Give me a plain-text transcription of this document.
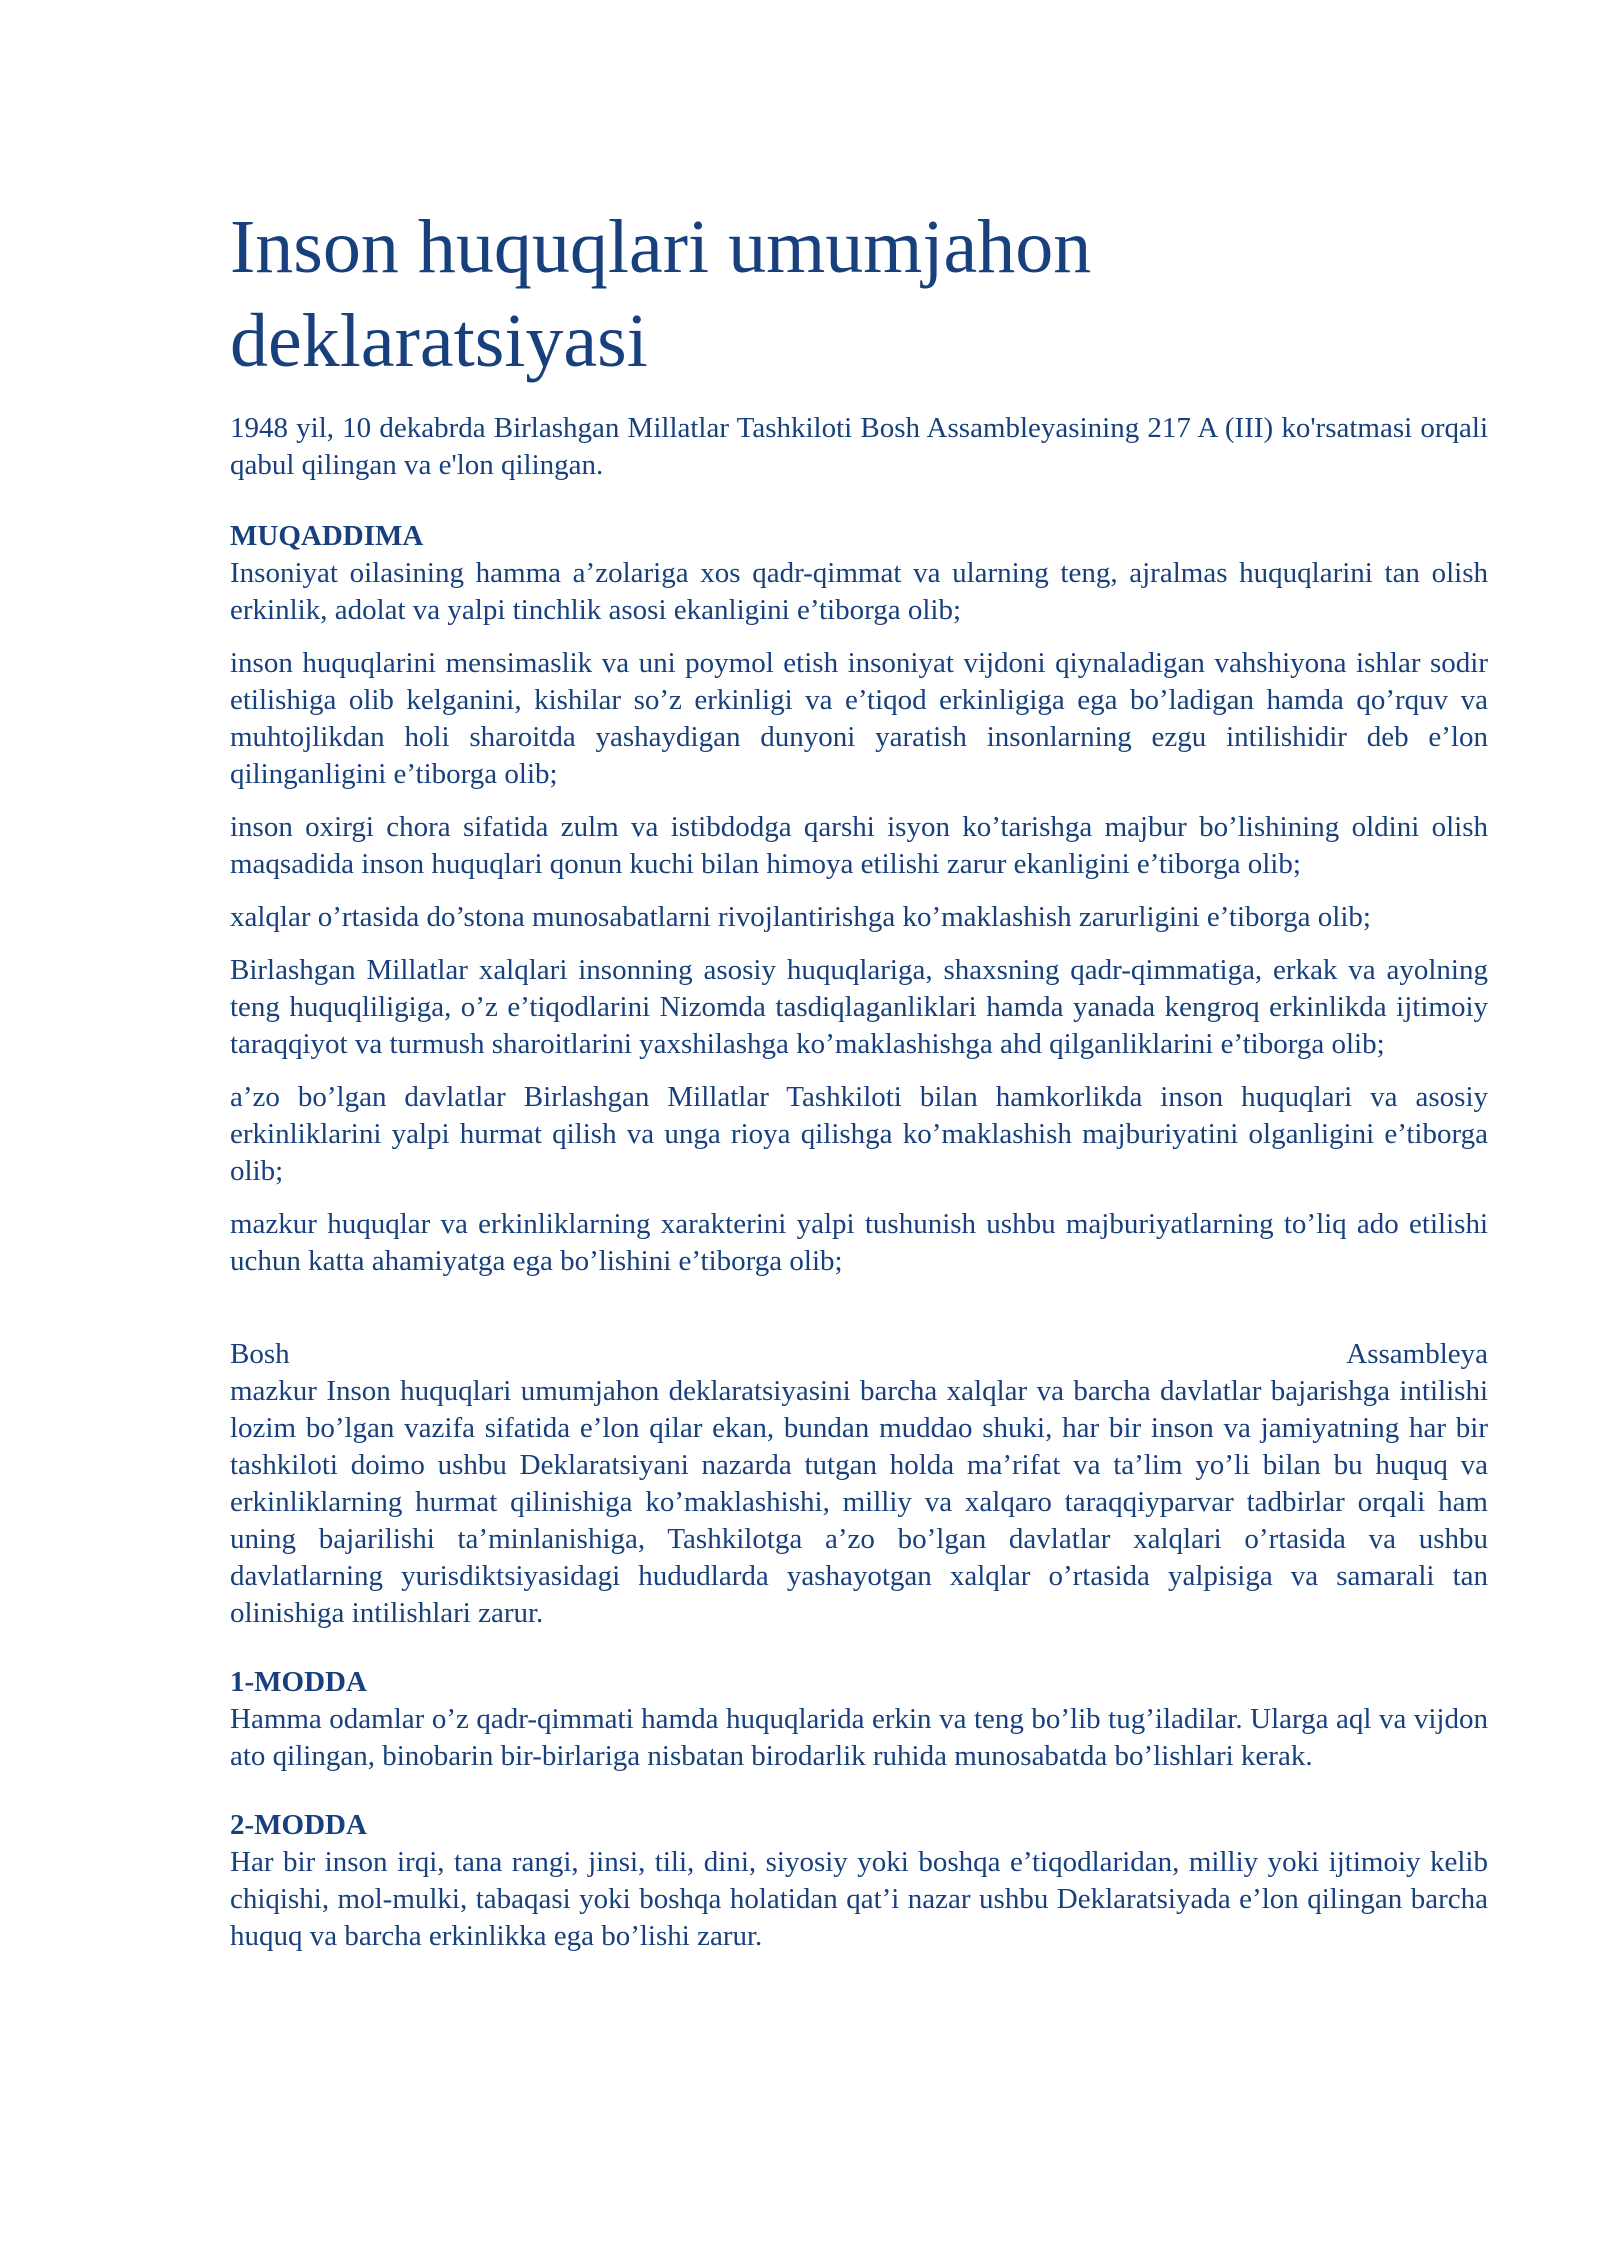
Inson huquqlari umumjahon deklaratsiyasi

1948 yil, 10 dekabrda Birlashgan Millatlar Tashkiloti Bosh Assambleyasining 217 A (III) ko'rsatmasi orqali qabul qilingan va e'lon qilingan.

MUQADDIMA

Insoniyat oilasining hamma a’zolariga xos qadr-qimmat va ularning teng, ajralmas huquqlarini tan olish erkinlik, adolat va yalpi tinchlik asosi ekanligini e’tiborga olib;

inson huquqlarini mensimaslik va uni poymol etish insoniyat vijdoni qiynaladigan vahshiyona ishlar sodir etilishiga olib kelganini, kishilar so’z erkinligi va e’tiqod erkinligiga ega bo’ladigan hamda qo’rquv va muhtojlikdan holi sharoitda yashaydigan dunyoni yaratish insonlarning ezgu intilishidir deb e’lon qilinganligini e’tiborga olib;

inson oxirgi chora sifatida zulm va istibdodga qarshi isyon ko’tarishga majbur bo’lishining oldini olish maqsadida inson huquqlari qonun kuchi bilan himoya etilishi zarur ekanligini e’tiborga olib;

xalqlar o’rtasida do’stona munosabatlarni rivojlantirishga ko’maklashish zarurligini e’tiborga olib;

Birlashgan Millatlar xalqlari insonning asosiy huquqlariga, shaxsning qadr-qimmatiga, erkak va ayolning teng huquqliligiga, o’z e’tiqodlarini Nizomda tasdiqlaganliklari hamda yanada kengroq erkinlikda ijtimoiy taraqqiyot va turmush sharoitlarini yaxshilashga ko’maklashishga ahd qilganliklarini e’tiborga olib;

a’zo bo’lgan davlatlar Birlashgan Millatlar Tashkiloti bilan hamkorlikda inson huquqlari va asosiy erkinliklarini yalpi hurmat qilish va unga rioya qilishga ko’maklashish majburiyatini olganligini e’tiborga olib;

mazkur huquqlar va erkinliklarning xarakterini yalpi tushunish ushbu majburiyatlarning to’liq ado etilishi uchun katta ahamiyatga ega bo’lishini e’tiborga olib;

Bosh	Assambleya

mazkur Inson huquqlari umumjahon deklaratsiyasini barcha xalqlar va barcha davlatlar bajarishga intilishi lozim bo’lgan vazifa sifatida e’lon qilar ekan, bundan muddao shuki, har bir inson va jamiyatning har bir tashkiloti doimo ushbu Deklaratsiyani nazarda tutgan holda ma’rifat va ta’lim yo’li bilan bu huquq va erkinliklarning hurmat qilinishiga ko’maklashishi, milliy va xalqaro taraqqiyparvar tadbirlar orqali ham uning bajarilishi ta’minlanishiga, Tashkilotga a’zo bo’lgan davlatlar xalqlari o’rtasida va ushbu davlatlarning yurisdiktsiyasidagi hududlarda yashayotgan xalqlar o’rtasida yalpisiga va samarali tan olinishiga intilishlari zarur.

1-MODDA

Hamma odamlar o’z qadr-qimmati hamda huquqlarida erkin va teng bo’lib tug’iladilar. Ularga aql va vijdon ato qilingan, binobarin bir-birlariga nisbatan birodarlik ruhida munosabatda bo’lishlari kerak.

2-MODDA

Har bir inson irqi, tana rangi, jinsi, tili, dini, siyosiy yoki boshqa e’tiqodlaridan, milliy yoki ijtimoiy kelib chiqishi, mol-mulki, tabaqasi yoki boshqa holatidan qat’i nazar ushbu Deklaratsiyada e’lon qilingan barcha huquq va barcha erkinlikka ega bo’lishi zarur.
